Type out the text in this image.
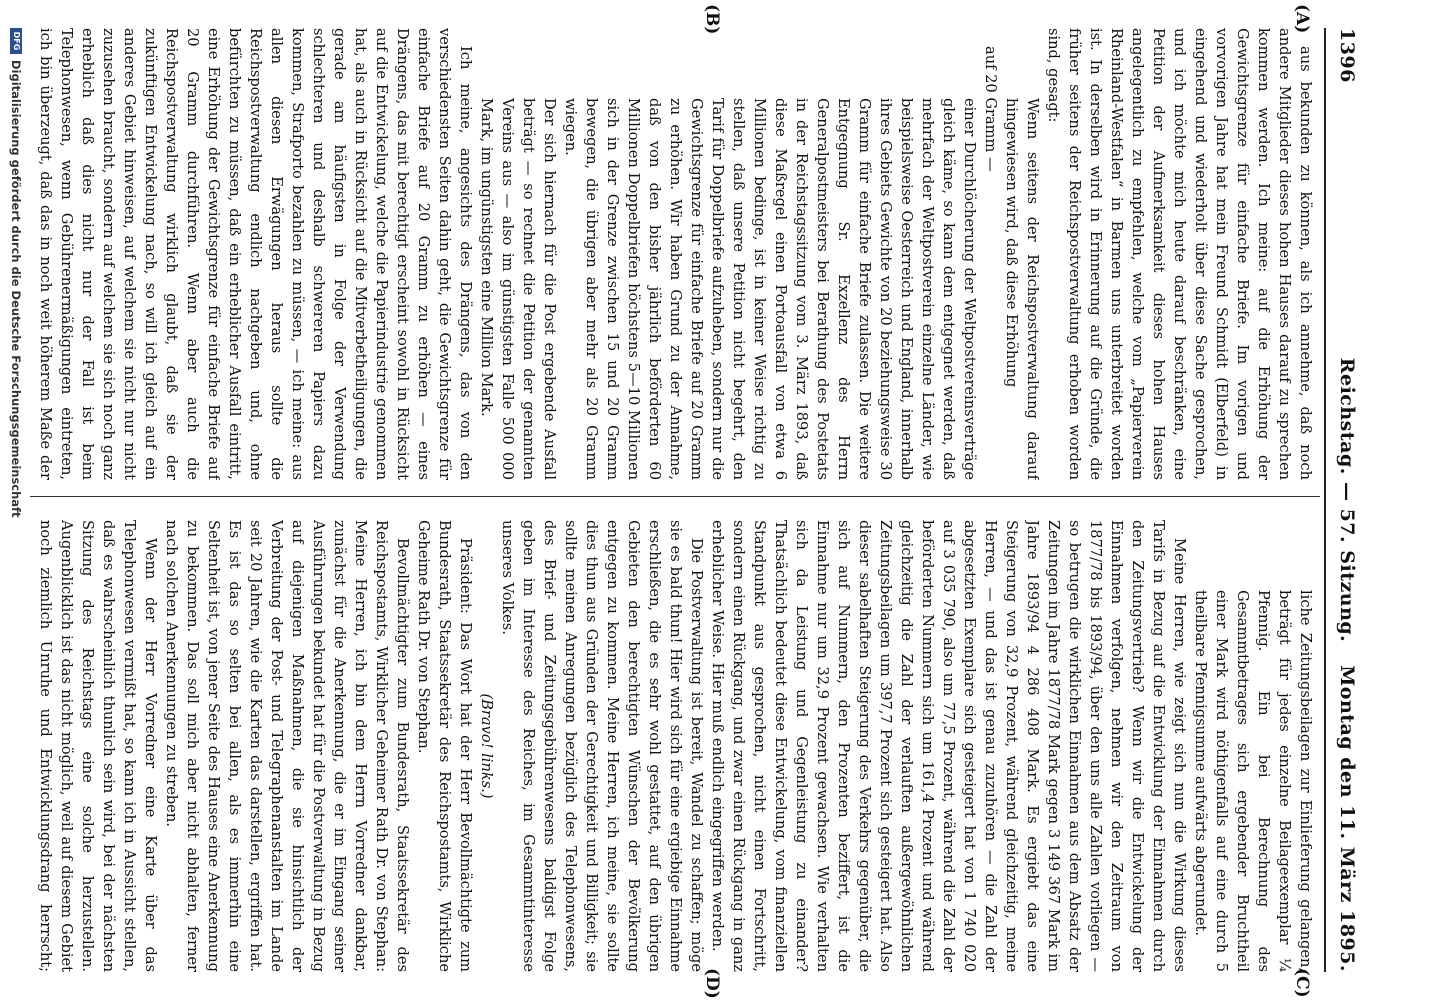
1396
Reichstag. — 57. Sitzung.
Montag den 11. März 1895.
(A)
(B)
(C)
(D)

aus bekunden zu können, als ich annehme, daß noch andere Mitglieder dieses hohen Hauses darauf zu sprechen kommen werden. Ich meine: auf die Erhöhung der Gewichtsgrenze für einfache Briefe. Im vorigen und vorvorigen Jahre hat mein Freund Schmidt (Elberfeld) in eingehend und wiederholt über diese Sache gesprochen, und ich möchte mich heute darauf beschränken, eine Petition der Aufmerksamkeit dieses hohen Hauses angelegentlich zu empfehlen, welche vom „Papierverein Rheinland-Westfalen“ in Barmen uns unterbreitet worden ist. In derselben wird in Erinnerung auf die Gründe, die früher seitens der Reichspostverwaltung erhoben worden sind, gesagt:

Wenn seitens der Reichspostverwaltung darauf hingewiesen wird, daß diese Erhöhung

auf 20 Gramm —

einer Durchlöcherung der Weltpostvereinsverträge gleich käme, so kann dem entgegnet werden, daß mehrfach der Weltpostverein einzelne Länder, wie beispielsweise Oesterreich und England, innerhalb ihres Gebiets Gewichte von 20 beziehungsweise 30 Gramm für einfache Briefe zulassen. Die weitere Entgegnung Sr. Exzellenz des Herrn Generalpostmeisters bei Berathung des Postetats in der Reichstagssitzung vom 3. März 1893, daß diese Maßregel einen Portoausfall von etwa 6 Millionen bedinge, ist in keiner Weise richtig zu stellen, daß unsere Petition nicht begehrt, den Tarif für Doppelbriefe aufzuheben, sondern nur die Gewichtsgrenze für einfache Briefe auf 20 Gramm zu erhöhen. Wir haben Grund zu der Annahme, daß von den bisher jährlich beförderten 60 Millionen Doppelbriefen höchstens 5—10 Millionen sich in der Grenze zwischen 15 und 20 Gramm bewegen, die übrigen aber mehr als 20 Gramm wiegen.

Der sich hiernach für die Post ergebende Ausfall beträgt — so rechnet die Petition der genannten Vereins aus — also im günstigsten Falle 500 000 Mark, im ungünstigsten eine Million Mark.

Ich meine, angesichts des Drängens, das von den verschiedensten Seiten dahin geht, die Gewichtsgrenze für einfache Briefe auf 20 Gramm zu erhöhen — eines Drängens, das mit berechtigt erscheint sowohl in Rücksicht auf die Entwickelung, welche die Papierindustrie genommen hat, als auch in Rücksicht auf die Mitverbetheiligungen, die gerade am häufigsten in Folge der Verwendung schlechteren und deshalb schwereren Papiers dazu kommen, Strafporto bezahlen zu müssen, — ich meine: aus allen diesen Erwägungen heraus sollte die Reichspostverwaltung endlich nachgeben und, ohne befürchten zu müssen, daß ein erheblicher Ausfall eintritt, eine Erhöhung der Gewichtsgrenze für einfache Briefe auf 20 Gramm durchführen. Wenn aber auch die Reichspostverwaltung wirklich glaubt, daß sie der zukünftigen Entwickelung nach, so will ich gleich auf ein anderes Gebiet hinweisen, auf welchem sie nicht nur nicht zuzusehen braucht, sondern auf welchem sie sich noch ganz erheblich daß dies nicht nur der Fall ist beim Telephonwesen, wenn Gebührenermäßigungen eintreten, ich bin überzeugt, daß das in noch weit höherem Maße der

liche Zeitungsbeilagen zur Einlieferung gelangen, beträgt für jedes einzelne Beilageexemplar ¼ Pfennig. Ein bei Berechnung des Gesammtbetrages sich ergebender Bruchtheil einer Mark wird nöthigenfalls auf eine durch 5 theilbare Pfennigsumme aufwärts abgerundet.

Meine Herren, wie zeigt sich nun die Wirkung dieses Tarifs in Bezug auf die Entwicklung der Einnahmen durch den Zeitungsvertrieb? Wenn wir die Entwickelung der Einnahmen verfolgen, nehmen wir den Zeitraum von 1877/78 bis 1893/94, über den uns alle Zahlen vorliegen — so betrugen die wirklichen Einnahmen aus dem Absatz der Zeitungen im Jahre 1877/78 Mark gegen 3 149 367 Mark im Jahre 1893/94 4 286 408 Mark. Es ergiebt das eine Steigerung von 32,9 Prozent, während gleichzeitig, meine Herren, — und das ist genau zuzuhören — die Zahl der abgesetzten Exemplare sich gesteigert hat von 1 740 020 auf 3 035 790, also um 77,5 Prozent, während die Zahl der beförderten Nummern sich um 161,4 Prozent und während gleichzeitig die Zahl der verlauften außergewöhnlichen Zeitungsbeilagen um 397,7 Prozent sich gesteigert hat. Also dieser sabelhaften Steigerung des Verkehrs gegenüber, die sich auf Nummern, den Prozenten beziffert, ist die Einnahme nur um 32,9 Prozent gewachsen. Wie verhalten sich da Leistung und Gegenleistung zu einander? Thatsächlich bedeutet diese Entwickelung, vom finanziellen Standpunkt aus gesprochen, nicht einen Fortschritt, sondern einen Rückgang, und zwar einen Rückgang in ganz erheblicher Weise. Hier muß endlich eingegriffen werden.

Die Postverwaltung ist bereit, Wandel zu schaffen; möge sie es bald thun! Hier wird sich für eine ergiebige Einnahme erschließen, die es sehr wohl gestattet, auf den übrigen Gebieten den berechtigten Wünschen der Bevölkerung entgegen zu kommen. Meine Herren, ich meine, sie sollte dies thun aus Gründen der Gerechtigkeit und Billigkeit; sie sollte meinen Anregungen bezüglich des Telephonwesens, des Brief- und Zeitungsgebührenwesens baldigst Folge geben im Interesse des Reiches, im Gesammtinteresse unseres Volkes.

(Bravo! links.)

Präsident: Das Wort hat der Herr Bevollmächtigte zum Bundesrath, Staatssekretär des Reichspostamts, Wirkliche Geheime Rath Dr. von Stephan.

Bevollmächtigter zum Bundesrath, Staatssekretär des Reichspostamts, Wirklicher Geheimer Rath Dr. von Stephan: Meine Herren, ich bin dem Herrn Vorredner dankbar, zunächst für die Anerkennung, die er im Eingang seiner Ausführungen bekundet hat für die Postverwaltung in Bezug auf diejenigen Maßnahmen, die sie hinsichtlich der Verbreitung der Post- und Telegraphenanstalten im Lande seit 20 Jahren, wie die Karten das darstellen, ergriffen hat. Es ist das so selten bei allen, als es immerhin eine Seltenheit ist, von jener Seite des Hauses eine Anerkennung zu bekommen. Das soll mich aber nicht abhalten, ferner nach solchen Anerkennungen zu streben.

Wenn der Herr Vorredner eine Karte über das Telephonwesen vermißt hat, so kann ich in Aussicht stellen, daß es wahrscheinlich thunlich sein wird, bei der nächsten Sitzung des Reichstags eine solche herzustellen. Augenblicklich ist das nicht möglich, weil auf diesem Gebiet noch ziemlich Unruhe und Entwicklungsdrang herrscht;

DFG
Digitalisierung gefördert durch die Deutsche Forschungsgemeinschaft
